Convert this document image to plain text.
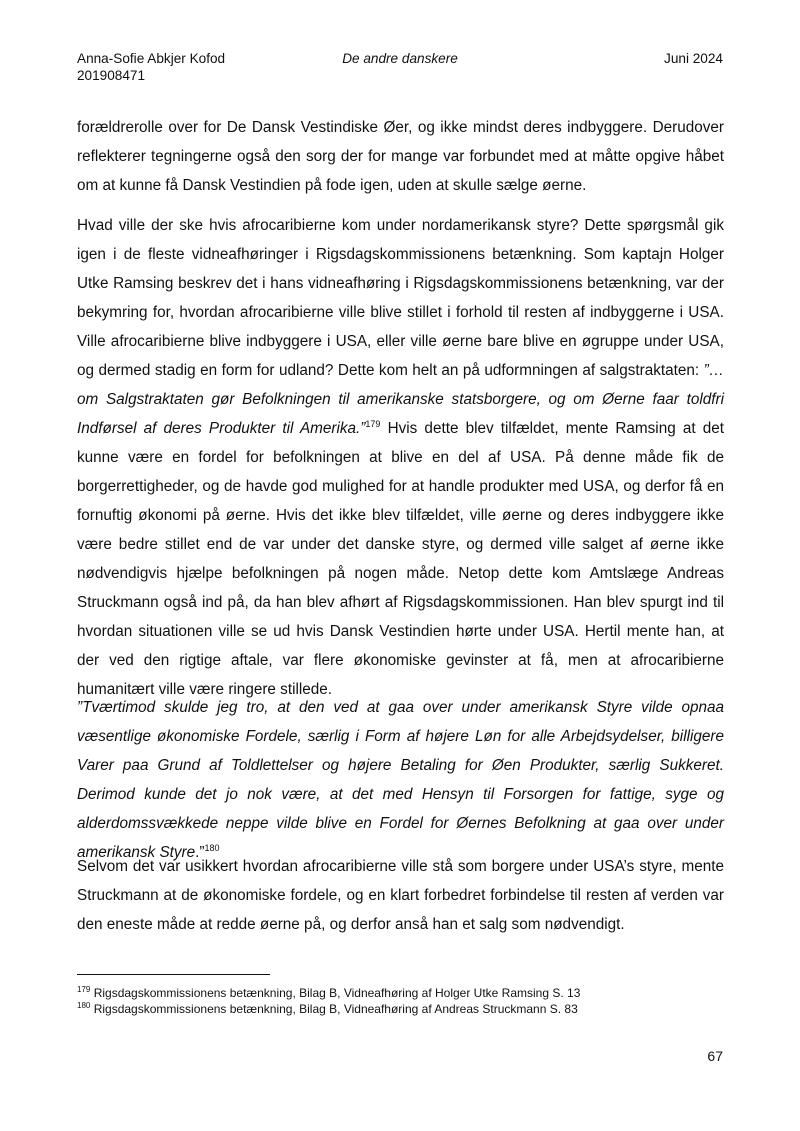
Anna-Sofie Abkjer Kofod
201908471
De andre danskere	Juni 2024

forældrerolle over for De Dansk Vestindiske Øer, og ikke mindst deres indbyggere. Derudover reflekterer tegningerne også den sorg der for mange var forbundet med at måtte opgive håbet om at kunne få Dansk Vestindien på fode igen, uden at skulle sælge øerne.

Hvad ville der ske hvis afrocaribierne kom under nordamerikansk styre? Dette spørgsmål gik igen i de fleste vidneafhøringer i Rigsdagskommissionens betænkning. Som kaptajn Holger Utke Ramsing beskrev det i hans vidneafhøring i Rigsdagskommissionens betænkning, var der bekymring for, hvordan afrocaribierne ville blive stillet i forhold til resten af indbyggerne i USA. Ville afrocaribierne blive indbyggere i USA, eller ville øerne bare blive en øgruppe under USA, og dermed stadig en form for udland? Dette kom helt an på udformningen af salgstraktaten: ”…om Salgstraktaten gør Befolkningen til amerikanske statsborgere, og om Øerne faar toldfri Indførsel af deres Produkter til Amerika.”$^{179}$ Hvis dette blev tilfældet, mente Ramsing at det kunne være en fordel for befolkningen at blive en del af USA. På denne måde fik de borgerrettigheder, og de havde god mulighed for at handle produkter med USA, og derfor få en fornuftig økonomi på øerne. Hvis det ikke blev tilfældet, ville øerne og deres indbyggere ikke være bedre stillet end de var under det danske styre, og dermed ville salget af øerne ikke nødvendigvis hjælpe befolkningen på nogen måde. Netop dette kom Amtslæge Andreas Struckmann også ind på, da han blev afhørt af Rigsdagskommissionen. Han blev spurgt ind til hvordan situationen ville se ud hvis Dansk Vestindien hørte under USA. Hertil mente han, at der ved den rigtige aftale, var flere økonomiske gevinster at få, men at afrocaribierne humanitært ville være ringere stillede.

”Tværtimod skulde jeg tro, at den ved at gaa over under amerikansk Styre vilde opnaa væsentlige økonomiske Fordele, særlig i Form af højere Løn for alle Arbejdsydelser, billigere Varer paa Grund af Toldlettelser og højere Betaling for Øen Produkter, særlig Sukkeret. Derimod kunde det jo nok være, at det med Hensyn til Forsorgen for fattige, syge og alderdomssvækkede neppe vilde blive en Fordel for Øernes Befolkning at gaa over under amerikansk Styre.”$^{180}$

Selvom det var usikkert hvordan afrocaribierne ville stå som borgere under USA’s styre, mente Struckmann at de økonomiske fordele, og en klart forbedret forbindelse til resten af verden var den eneste måde at redde øerne på, og derfor anså han et salg som nødvendigt.

$^{179}$ Rigsdagskommissionens betænkning, Bilag B, Vidneafhøring af Holger Utke Ramsing S. 13
$^{180}$ Rigsdagskommissionens betænkning, Bilag B, Vidneafhøring af Andreas Struckmann S. 83
67
